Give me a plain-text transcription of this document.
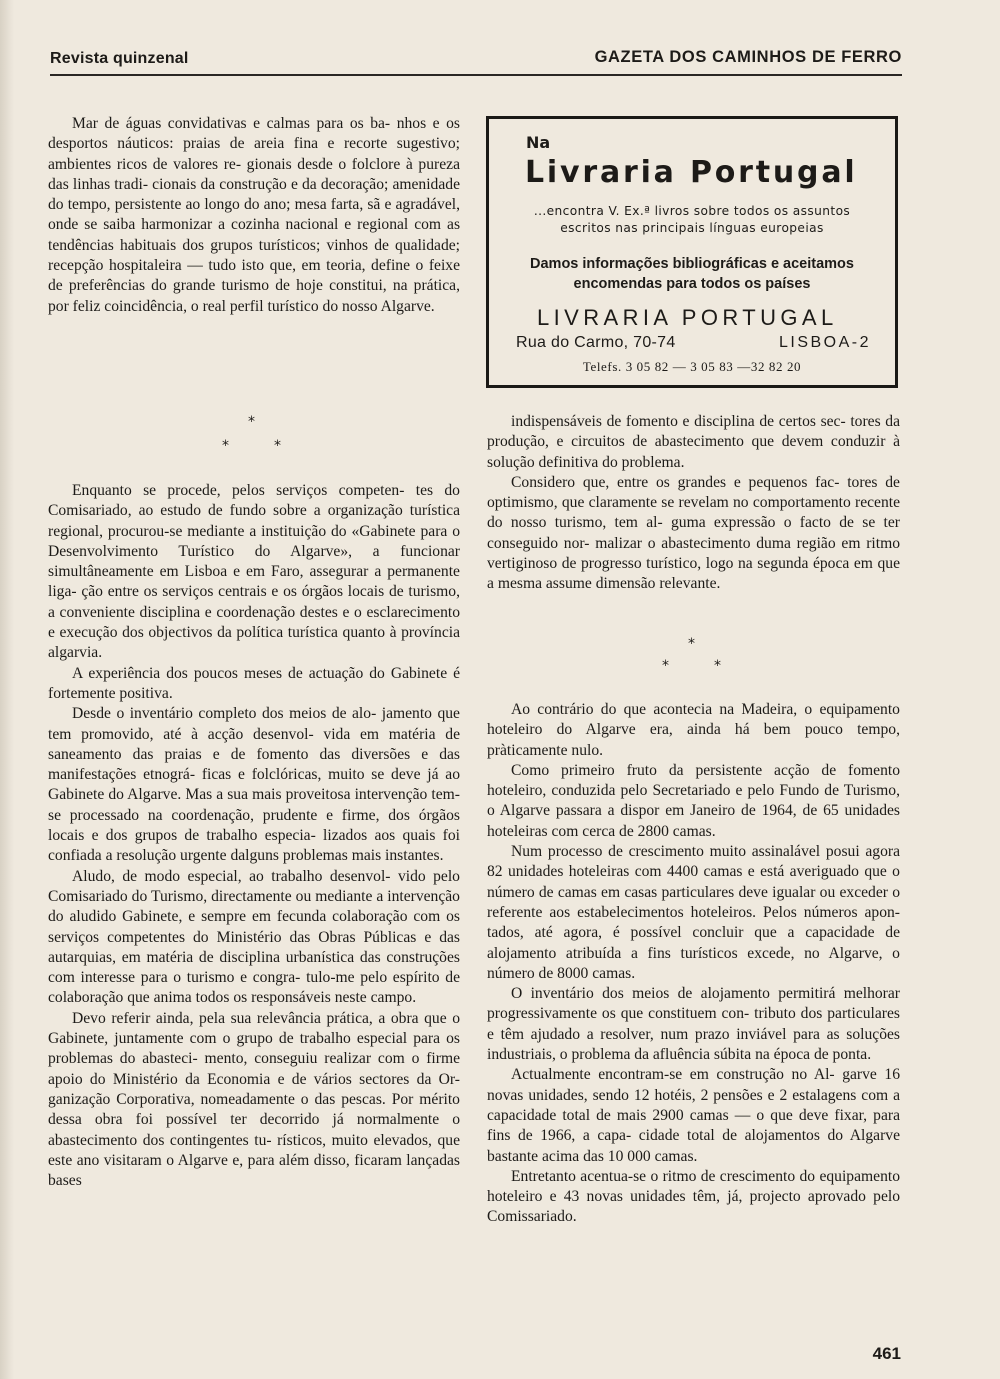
Revista quinzenal	GAZETA DOS CAMINHOS DE FERRO

Mar de águas convidativas e calmas para os ba- nhos e os desportos náuticos: praias de areia fina e recorte sugestivo; ambientes ricos de valores re- gionais desde o folclore à pureza das linhas tradi- cionais da construção e da decoração; amenidade do tempo, persistente ao longo do ano; mesa farta, sã e agradável, onde se saiba harmonizar a cozinha nacional e regional com as tendências habituais dos grupos turísticos; vinhos de qualidade; recepção hospitaleira — tudo isto que, em teoria, define o feixe de preferências do grande turismo de hoje constitui, na prática, por feliz coincidência, o real perfil turístico do nosso Algarve.

*
*	*

Enquanto se procede, pelos serviços competen- tes do Comisariado, ao estudo de fundo sobre a organização turística regional, procurou-se mediante a instituição do «Gabinete para o Desenvolvimento Turístico do Algarve», a funcionar simultâneamente em Lisboa e em Faro, assegurar a permanente liga- ção entre os serviços centrais e os órgãos locais de turismo, a conveniente disciplina e coordenação destes e o esclarecimento e execução dos objectivos da política turística quanto à província algarvia.

A experiência dos poucos meses de actuação do Gabinete é fortemente positiva.

Desde o inventário completo dos meios de alo- jamento que tem promovido, até à acção desenvol- vida em matéria de saneamento das praias e de fomento das diversões e das manifestações etnográ- ficas e folclóricas, muito se deve já ao Gabinete do Algarve. Mas a sua mais proveitosa intervenção tem-se processado na coordenação, prudente e firme, dos órgãos locais e dos grupos de trabalho especia- lizados aos quais foi confiada a resolução urgente dalguns problemas mais instantes.

Aludo, de modo especial, ao trabalho desenvol- vido pelo Comisariado do Turismo, directamente ou mediante a intervenção do aludido Gabinete, e sempre em fecunda colaboração com os serviços competentes do Ministério das Obras Públicas e das autarquias, em matéria de disciplina urbanística das construções com interesse para o turismo e congra- tulo-me pelo espírito de colaboração que anima todos os responsáveis neste campo.

Devo referir ainda, pela sua relevância prática, a obra que o Gabinete, juntamente com o grupo de trabalho especial para os problemas do abasteci- mento, conseguiu realizar com o firme apoio do Ministério da Economia e de vários sectores da Or- ganização Corporativa, nomeadamente o das pescas. Por mérito dessa obra foi possível ter decorrido já normalmente o abastecimento dos contingentes tu- rísticos, muito elevados, que este ano visitaram o Algarve e, para além disso, ficaram lançadas bases

Na
Livraria Portugal
...encontra V. Ex.ª livros sobre todos os assuntos
escritos nas principais línguas europeias
Damos informações bibliográficas e aceitamos
encomendas para todos os países
LIVRARIA PORTUGAL
Rua do Carmo, 70-74	LISBOA-2
Telefs. 3 05 82 — 3 05 83 —32 82 20

indispensáveis de fomento e disciplina de certos sec- tores da produção, e circuitos de abastecimento que devem conduzir à solução definitiva do problema.

Considero que, entre os grandes e pequenos fac- tores de optimismo, que claramente se revelam no comportamento recente do nosso turismo, tem al- guma expressão o facto de se ter conseguido nor- malizar o abastecimento duma região em ritmo vertiginoso de progresso turístico, logo na segunda época em que a mesma assume dimensão relevante.

*
*	*

Ao contrário do que acontecia na Madeira, o equipamento hoteleiro do Algarve era, ainda há bem pouco tempo, pràticamente nulo.

Como primeiro fruto da persistente acção de fomento hoteleiro, conduzida pelo Secretariado e pelo Fundo de Turismo, o Algarve passara a dispor em Janeiro de 1964, de 65 unidades hoteleiras com cerca de 2800 camas.

Num processo de crescimento muito assinalável posui agora 82 unidades hoteleiras com 4400 camas e está averiguado que o número de camas em casas particulares deve igualar ou exceder o referente aos estabelecimentos hoteleiros. Pelos números apon- tados, até agora, é possível concluir que a capacidade de alojamento atribuída a fins turísticos excede, no Algarve, o número de 8000 camas.

O inventário dos meios de alojamento permitirá melhorar progressivamente os que constituem con- tributo dos particulares e têm ajudado a resolver, num prazo inviável para as soluções industriais, o problema da afluência súbita na época de ponta.

Actualmente encontram-se em construção no Al- garve 16 novas unidades, sendo 12 hotéis, 2 pensões e 2 estalagens com a capacidade total de mais 2900 camas — o que deve fixar, para fins de 1966, a capa- cidade total de alojamentos do Algarve bastante acima das 10 000 camas.

Entretanto acentua-se o ritmo de crescimento do equipamento hoteleiro e 43 novas unidades têm, já, projecto aprovado pelo Comissariado.

461
